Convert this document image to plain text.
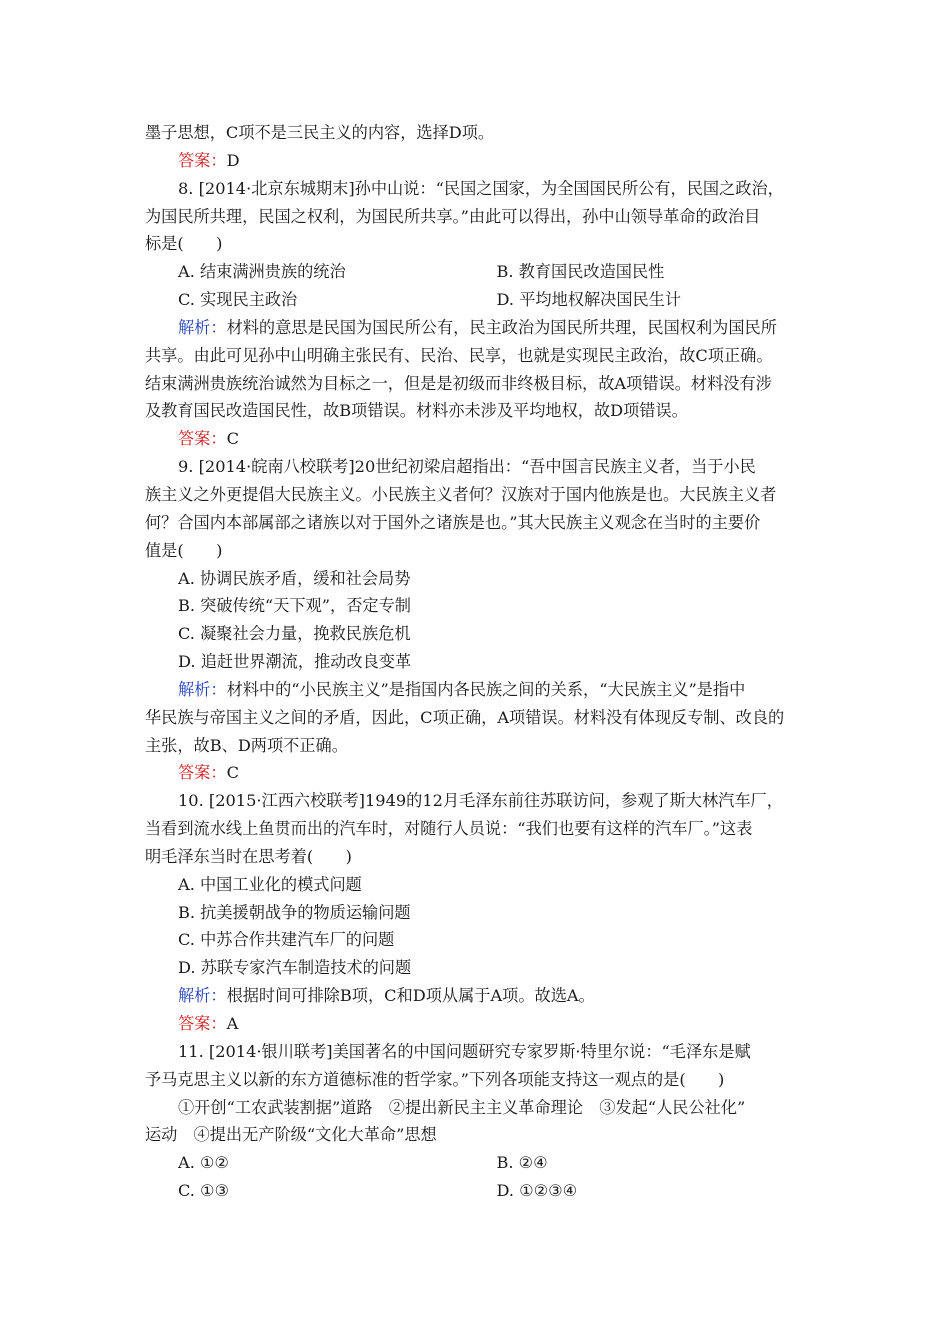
墨子思想，C项不是三民主义的内容，选择D项。
答案：D
8. [2014·北京东城期末]孙中山说：“民国之国家，为全国国民所公有，民国之政治，
为国民所共理，民国之权利，为国民所共享。”由此可以得出，孙中山领导革命的政治目
标是(　　)
A. 结束满洲贵族的统治	B. 教育国民改造国民性
C. 实现民主政治	D. 平均地权解决国民生计
解析：材料的意思是民国为国民所公有，民主政治为国民所共理，民国权利为国民所
共享。由此可见孙中山明确主张民有、民治、民享，也就是实现民主政治，故C项正确。
结束满洲贵族统治诚然为目标之一，但是是初级而非终极目标，故A项错误。材料没有涉
及教育国民改造国民性，故B项错误。材料亦未涉及平均地权，故D项错误。
答案：C
9. [2014·皖南八校联考]20世纪初梁启超指出：“吾中国言民族主义者，当于小民
族主义之外更提倡大民族主义。小民族主义者何？汉族对于国内他族是也。大民族主义者
何？合国内本部属部之诸族以对于国外之诸族是也。”其大民族主义观念在当时的主要价
值是(　　)
A. 协调民族矛盾，缓和社会局势
B. 突破传统“天下观”，否定专制
C. 凝聚社会力量，挽救民族危机
D. 追赶世界潮流，推动改良变革
解析：材料中的“小民族主义”是指国内各民族之间的关系，“大民族主义”是指中
华民族与帝国主义之间的矛盾，因此，C项正确，A项错误。材料没有体现反专制、改良的
主张，故B、D两项不正确。
答案：C
10. [2015·江西六校联考]1949的12月毛泽东前往苏联访问，参观了斯大林汽车厂，
当看到流水线上鱼贯而出的汽车时，对随行人员说：“我们也要有这样的汽车厂。”这表
明毛泽东当时在思考着(　　)
A. 中国工业化的模式问题
B. 抗美援朝战争的物质运输问题
C. 中苏合作共建汽车厂的问题
D. 苏联专家汽车制造技术的问题
解析：根据时间可排除B项，C和D项从属于A项。故选A。
答案：A
11. [2014·银川联考]美国著名的中国问题研究专家罗斯·特里尔说：“毛泽东是赋
予马克思主义以新的东方道德标准的哲学家。”下列各项能支持这一观点的是(　　)
①开创“工农武装割据”道路　②提出新民主主义革命理论　③发起“人民公社化”
运动　④提出无产阶级“文化大革命”思想
A. ①②	B. ②④
C. ①③	D. ①②③④
